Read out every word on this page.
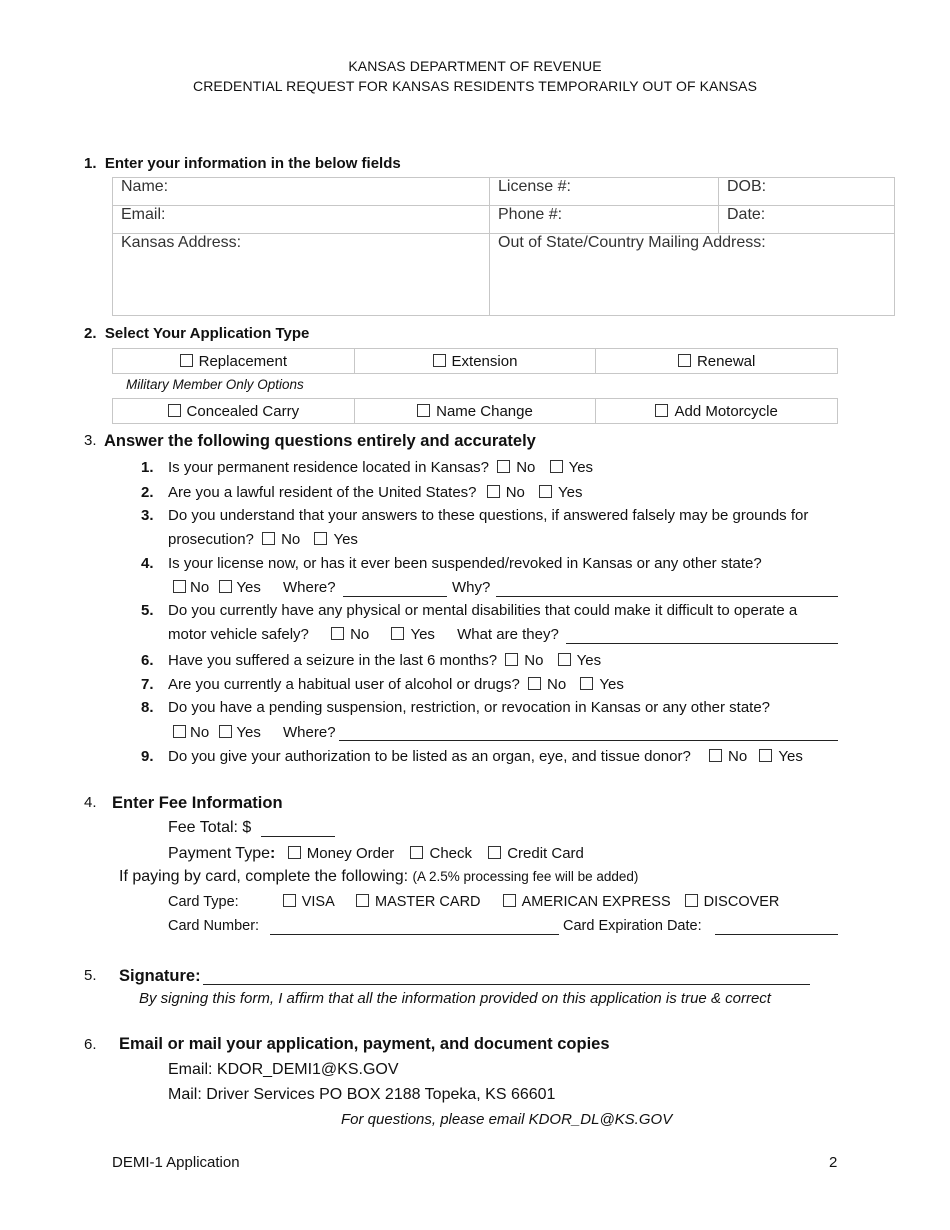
KANSAS DEPARTMENT OF REVENUE
CREDENTIAL REQUEST FOR KANSAS RESIDENTS TEMPORARILY OUT OF KANSAS
1. Enter your information in the below fields
Name:	License #:	DOB:
Email:	Phone #:	Date:
Kansas Address:	Out of State/Country Mailing Address:	
2. Select Your Application Type
Replacement	Extension	Renewal
Military Member Only Options
Concealed Carry	Name Change	Add Motorcycle
3. Answer the following questions entirely and accurately
1. Is your permanent residence located in Kansas? No Yes
2. Are you a lawful resident of the United States? No Yes
3. Do you understand that your answers to these questions, if answered falsely may be grounds for
prosecution? No Yes
4. Is your license now, or has it ever been suspended/revoked in Kansas or any other state?
No Yes Where?	Why?
5. Do you currently have any physical or mental disabilities that could make it difficult to operate a
motor vehicle safely?	No	Yes What are they?
6. Have you suffered a seizure in the last 6 months? No Yes
7. Are you currently a habitual user of alcohol or drugs? No Yes
8. Do you have a pending suspension, restriction, or revocation in Kansas or any other state?
No Yes Where?
9. Do you give your authorization to be listed as an organ, eye, and tissue donor? No Yes
4. Enter Fee Information
Fee Total: $
Payment Type: Money Order Check Credit Card
If paying by card, complete the following: (A 2.5% processing fee will be added)
Card Type:	VISA	MASTER CARD	AMERICAN EXPRESS DISCOVER
Card Number:	Card Expiration Date:
5. Signature:
By signing this form, I affirm that all the information provided on this application is true & correct
6. Email or mail your application, payment, and document copies
Email: KDOR_DEMI1@KS.GOV
Mail: Driver Services PO BOX 2188 Topeka, KS 66601
For questions, please email KDOR_DL@KS.GOV
DEMI-1 Application	2
